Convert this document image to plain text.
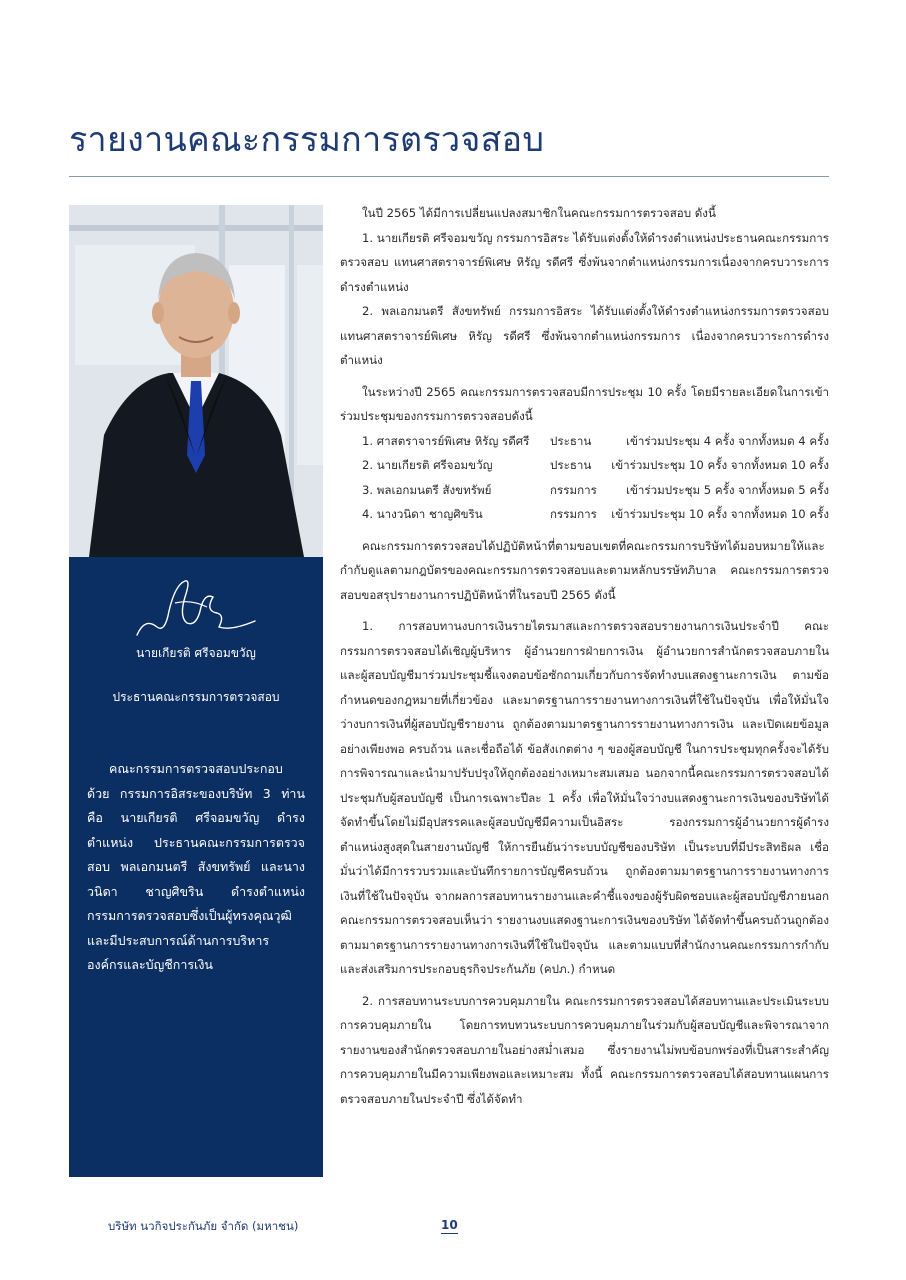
รายงานคณะกรรมการตรวจสอบ
นายเกียรติ ศรีจอมขวัญ
ประธานคณะกรรมการตรวจสอบ
คณะกรรมการตรวจสอบประกอบด้วย กรรมการอิสระของบริษัท 3 ท่าน คือ นายเกียรติ ศรีจอมขวัญ ดำรงตำแหน่ง ประธานคณะกรรมการตรวจสอบ พลเอกมนตรี สังขทรัพย์ และนางวนิดา ชาญศิขริน ดำรงตำแหน่ง กรรมการตรวจสอบซึ่งเป็นผู้ทรงคุณวุฒิและมีประสบการณ์ด้านการบริหารองค์กรและบัญชีการเงิน

ในปี 2565 ได้มีการเปลี่ยนแปลงสมาชิกในคณะกรรมการตรวจสอบ ดังนี้

1. นายเกียรติ ศรีจอมขวัญ กรรมการอิสระ ได้รับแต่งตั้งให้ดำรงตำแหน่งประธานคณะกรรมการตรวจสอบ แทนศาสตราจารย์พิเศษ หิรัญ รดีศรี ซึ่งพ้นจากตำแหน่งกรรมการเนื่องจากครบวาระการดำรงตำแหน่ง

2. พลเอกมนตรี สังขทรัพย์ กรรมการอิสระ ได้รับแต่งตั้งให้ดำรงตำแหน่งกรรมการตรวจสอบแทนศาสตราจารย์พิเศษ หิรัญ รดีศรี ซึ่งพ้นจากตำแหน่งกรรมการ เนื่องจากครบวาระการดำรงตำแหน่ง

ในระหว่างปี 2565 คณะกรรมการตรวจสอบมีการประชุม 10 ครั้ง โดยมีรายละเอียดในการเข้าร่วมประชุมของกรรมการตรวจสอบดังนี้

1. ศาสตราจารย์พิเศษ หิรัญ รดีศรี	ประธาน	เข้าร่วมประชุม 4 ครั้ง จากทั้งหมด 4 ครั้ง
2. นายเกียรติ ศรีจอมขวัญ	ประธาน	เข้าร่วมประชุม 10 ครั้ง จากทั้งหมด 10 ครั้ง
3. พลเอกมนตรี สังขทรัพย์	กรรมการ	เข้าร่วมประชุม 5 ครั้ง จากทั้งหมด 5 ครั้ง
4. นางวนิดา ชาญศิขริน	กรรมการ	เข้าร่วมประชุม 10 ครั้ง จากทั้งหมด 10 ครั้ง

คณะกรรมการตรวจสอบได้ปฏิบัติหน้าที่ตามขอบเขตที่คณะกรรมการบริษัทได้มอบหมายให้และกำกับดูแลตามกฎบัตรของคณะกรรมการตรวจสอบและตามหลักบรรษัทภิบาล คณะกรรมการตรวจสอบขอสรุปรายงานการปฏิบัติหน้าที่ในรอบปี 2565 ดังนี้

1. การสอบทานงบการเงินรายไตรมาสและการตรวจสอบรายงานการเงินประจำปี คณะกรรมการตรวจสอบได้เชิญผู้บริหาร ผู้อำนวยการฝ่ายการเงิน ผู้อำนวยการสำนักตรวจสอบภายใน และผู้สอบบัญชีมาร่วมประชุมชี้แจงตอบข้อซักถามเกี่ยวกับการจัดทำงบแสดงฐานะการเงิน ตามข้อกำหนดของกฎหมายที่เกี่ยวข้อง และมาตรฐานการรายงานทางการเงินที่ใช้ในปัจจุบัน เพื่อให้มั่นใจว่างบการเงินที่ผู้สอบบัญชีรายงาน ถูกต้องตามมาตรฐานการรายงานทางการเงิน และเปิดเผยข้อมูลอย่างเพียงพอ ครบถ้วน และเชื่อถือได้ ข้อสังเกตต่าง ๆ ของผู้สอบบัญชี ในการประชุมทุกครั้งจะได้รับการพิจารณาและนำมาปรับปรุงให้ถูกต้องอย่างเหมาะสมเสมอ นอกจากนี้คณะกรรมการตรวจสอบได้ประชุมกับผู้สอบบัญชี เป็นการเฉพาะปีละ 1 ครั้ง เพื่อให้มั่นใจว่างบแสดงฐานะการเงินของบริษัทได้จัดทำขึ้นโดยไม่มีอุปสรรคและผู้สอบบัญชีมีความเป็นอิสระ รองกรรมการผู้อำนวยการผู้ดำรงตำแหน่งสูงสุดในสายงานบัญชี ให้การยืนยันว่าระบบบัญชีของบริษัท เป็นระบบที่มีประสิทธิผล เชื่อมั่นว่าได้มีการรวบรวมและบันทึกรายการบัญชีครบถ้วน ถูกต้องตามมาตรฐานการรายงานทางการเงินที่ใช้ในปัจจุบัน จากผลการสอบทานรายงานและคำชี้แจงของผู้รับผิดชอบและผู้สอบบัญชีภายนอก คณะกรรมการตรวจสอบเห็นว่า รายงานงบแสดงฐานะการเงินของบริษัท ได้จัดทำขึ้นครบถ้วนถูกต้องตามมาตรฐานการรายงานทางการเงินที่ใช้ในปัจจุบัน และตามแบบที่สำนักงานคณะกรรมการกำกับและส่งเสริมการประกอบธุรกิจประกันภัย (คปภ.) กำหนด

2. การสอบทานระบบการควบคุมภายใน คณะกรรมการตรวจสอบได้สอบทานและประเมินระบบการควบคุมภายใน โดยการทบทวนระบบการควบคุมภายในร่วมกับผู้สอบบัญชีและพิจารณาจากรายงานของสำนักตรวจสอบภายในอย่างสม่ำเสมอ ซึ่งรายงานไม่พบข้อบกพร่องที่เป็นสาระสำคัญ การควบคุมภายในมีความเพียงพอและเหมาะสม ทั้งนี้ คณะกรรมการตรวจสอบได้สอบทานแผนการตรวจสอบภายในประจำปี ซึ่งได้จัดทำ

บริษัท นวกิจประกันภัย จำกัด (มหาชน)	10
